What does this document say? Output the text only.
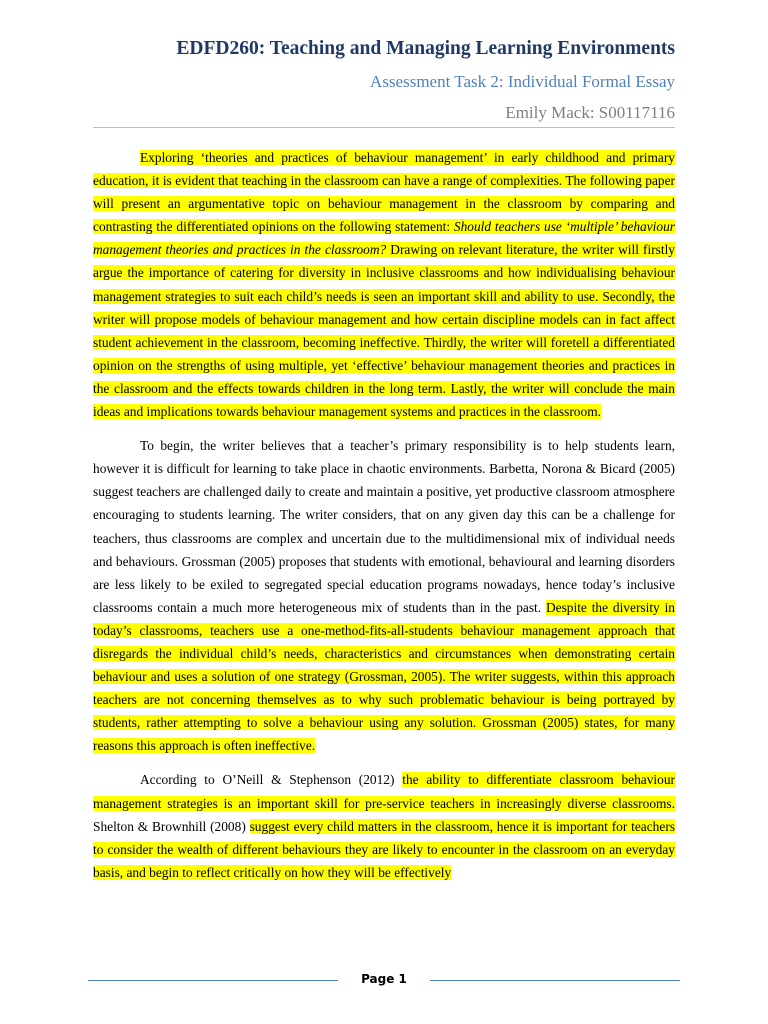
EDFD260: Teaching and Managing Learning Environments
Assessment Task 2: Individual Formal Essay
Emily Mack: S00117116

Exploring ‘theories and practices of behaviour management’ in early childhood and primary education, it is evident that teaching in the classroom can have a range of complexities. The following paper will present an argumentative topic on behaviour management in the classroom by comparing and contrasting the differentiated opinions on the following statement: Should teachers use ‘multiple’ behaviour management theories and practices in the classroom? Drawing on relevant literature, the writer will firstly argue the importance of catering for diversity in inclusive classrooms and how individualising behaviour management strategies to suit each child’s needs is seen an important skill and ability to use. Secondly, the writer will propose models of behaviour management and how certain discipline models can in fact affect student achievement in the classroom, becoming ineffective. Thirdly, the writer will foretell a differentiated opinion on the strengths of using multiple, yet ‘effective’ behaviour management theories and practices in the classroom and the effects towards children in the long term. Lastly, the writer will conclude the main ideas and implications towards behaviour management systems and practices in the classroom.

To begin, the writer believes that a teacher’s primary responsibility is to help students learn, however it is difficult for learning to take place in chaotic environments. Barbetta, Norona & Bicard (2005) suggest teachers are challenged daily to create and maintain a positive, yet productive classroom atmosphere encouraging to students learning. The writer considers, that on any given day this can be a challenge for teachers, thus classrooms are complex and uncertain due to the multidimensional mix of individual needs and behaviours. Grossman (2005) proposes that students with emotional, behavioural and learning disorders are less likely to be exiled to segregated special education programs nowadays, hence today’s inclusive classrooms contain a much more heterogeneous mix of students than in the past. Despite the diversity in today’s classrooms, teachers use a one-method-fits-all-students behaviour management approach that disregards the individual child’s needs, characteristics and circumstances when demonstrating certain behaviour and uses a solution of one strategy (Grossman, 2005). The writer suggests, within this approach teachers are not concerning themselves as to why such problematic behaviour is being portrayed by students, rather attempting to solve a behaviour using any solution. Grossman (2005) states, for many reasons this approach is often ineffective.

According to O’Neill & Stephenson (2012) the ability to differentiate classroom behaviour management strategies is an important skill for pre-service teachers in increasingly diverse classrooms. Shelton & Brownhill (2008) suggest every child matters in the classroom, hence it is important for teachers to consider the wealth of different behaviours they are likely to encounter in the classroom on an everyday basis, and begin to reflect critically on how they will be effectively

Page 1
